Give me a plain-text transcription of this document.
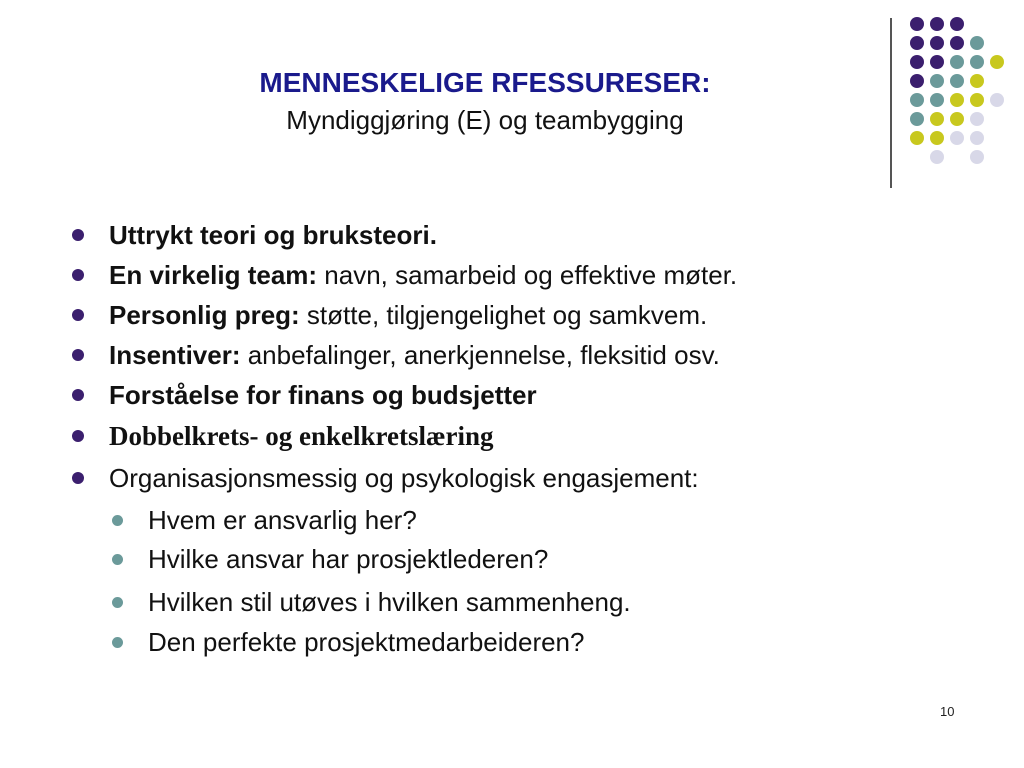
MENNESKELIGE RFESSURESER:
Myndiggjøring (E) og teambygging
Uttrykt teori og bruksteori.
En virkelig team: navn, samarbeid og effektive møter.
Personlig preg: støtte, tilgjengelighet og samkvem.
Insentiver: anbefalinger, anerkjennelse, fleksitid osv.
Forståelse for finans og budsjetter
Dobbelkrets- og enkelkretslæring
Organisasjonsmessig og psykologisk engasjement:
Hvem er ansvarlig her?
Hvilke ansvar har prosjektlederen?
Hvilken stil utøves i hvilken sammenheng.
Den perfekte prosjektmedarbeideren?
10
